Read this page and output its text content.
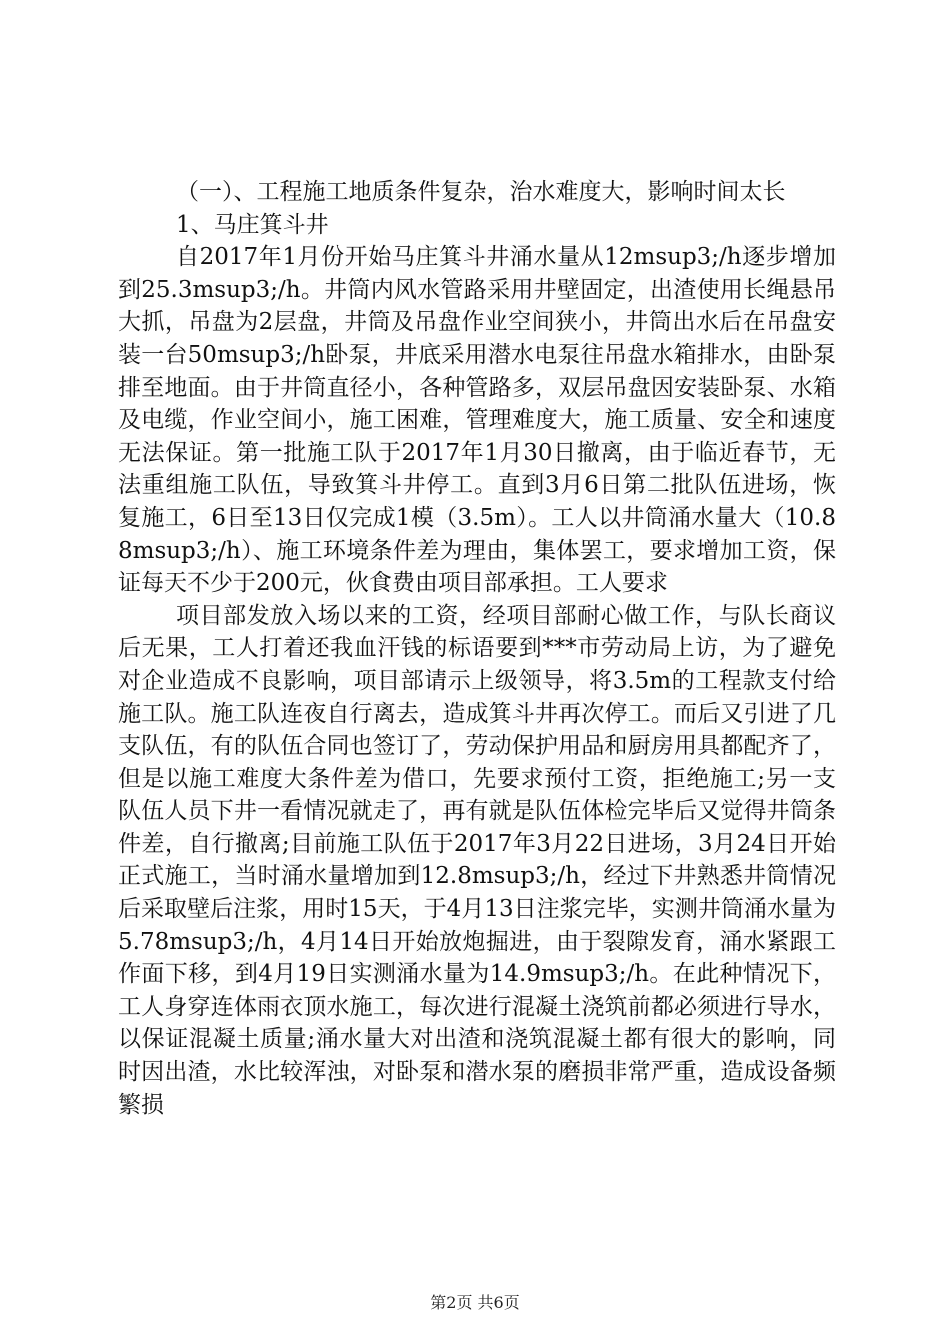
（一）、工程施工地质条件复杂，治水难度大，影响时间太长

1、马庄箕斗井

自2017年1月份开始马庄箕斗井涌水量从12msup3;/h逐步增加到25.3msup3;/h。井筒内风水管路采用井壁固定，出渣使用长绳悬吊大抓，吊盘为2层盘，井筒及吊盘作业空间狭小，井筒出水后在吊盘安装一台50msup3;/h卧泵，井底采用潜水电泵往吊盘水箱排水，由卧泵排至地面。由于井筒直径小，各种管路多，双层吊盘因安装卧泵、水箱及电缆，作业空间小，施工困难，管理难度大，施工质量、安全和速度无法保证。第一批施工队于2017年1月30日撤离，由于临近春节，无法重组施工队伍，导致箕斗井停工。直到3月6日第二批队伍进场，恢复施工，6日至13日仅完成1模（3.5m）。工人以井筒涌水量大（10.88msup3;/h）、施工环境条件差为理由，集体罢工，要求增加工资，保证每天不少于200元，伙食费由项目部承担。工人要求

项目部发放入场以来的工资，经项目部耐心做工作，与队长商议后无果，工人打着还我血汗钱的标语要到***市劳动局上访，为了避免对企业造成不良影响，项目部请示上级领导，将3.5m的工程款支付给施工队。施工队连夜自行离去，造成箕斗井再次停工。而后又引进了几支队伍，有的队伍合同也签订了，劳动保护用品和厨房用具都配齐了，但是以施工难度大条件差为借口，先要求预付工资，拒绝施工;另一支队伍人员下井一看情况就走了，再有就是队伍体检完毕后又觉得井筒条件差，自行撤离;目前施工队伍于2017年3月22日进场，3月24日开始正式施工，当时涌水量增加到12.8msup3;/h，经过下井熟悉井筒情况后采取壁后注浆，用时15天，于4月13日注浆完毕，实测井筒涌水量为5.78msup3;/h，4月14日开始放炮掘进，由于裂隙发育，涌水紧跟工作面下移，到4月19日实测涌水量为14.9msup3;/h。在此种情况下，工人身穿连体雨衣顶水施工，每次进行混凝土浇筑前都必须进行导水，以保证混凝土质量;涌水量大对出渣和浇筑混凝土都有很大的影响，同时因出渣，水比较浑浊，对卧泵和潜水泵的磨损非常严重，造成设备频繁损

第2页 共6页
